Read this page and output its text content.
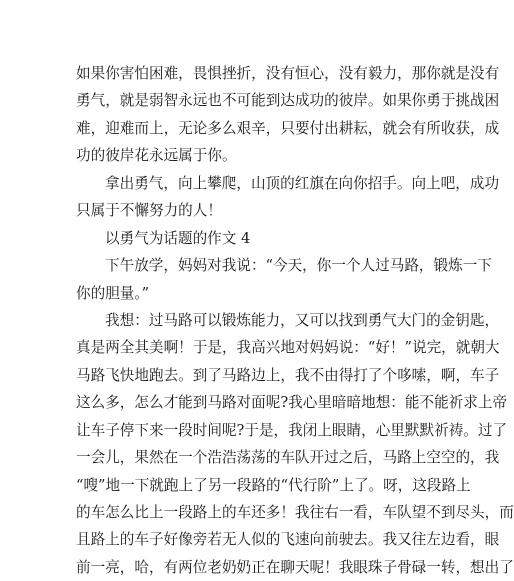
如果你害怕困难，畏惧挫折，没有恒心，没有毅力，那你就是没有
勇气，就是弱智永远也不可能到达成功的彼岸。如果你勇于挑战困
难，迎难而上，无论多么艰辛，只要付出耕耘，就会有所收获，成
功的彼岸花永远属于你。
拿出勇气，向上攀爬，山顶的红旗在向你招手。向上吧，成功
只属于不懈努力的人！
以勇气为话题的作文 4
下午放学，妈妈对我说：“今天，你一个人过马路，锻炼一下
你的胆量。”
我想：过马路可以锻炼能力，又可以找到勇气大门的金钥匙，
真是两全其美啊！于是，我高兴地对妈妈说：“好！”说完，就朝大
马路飞快地跑去。到了马路边上，我不由得打了个哆嗦，啊，车子
这么多，怎么才能到马路对面呢?我心里暗暗地想：能不能祈求上帝
让车子停下来一段时间呢?于是，我闭上眼睛，心里默默祈祷。过了
一会儿，果然在一个浩浩荡荡的车队开过之后，马路上空空的，我
“嗖”地一下就跑上了另一段路的“代行阶”上了。呀，这段路上
的车怎么比上一段路上的车还多！我往右一看，车队望不到尽头，而
且路上的车子好像旁若无人似的飞速向前驶去。我又往左边看，眼
前一亮，哈，有两位老奶奶正在聊天呢！我眼珠子骨碌一转，想出了
